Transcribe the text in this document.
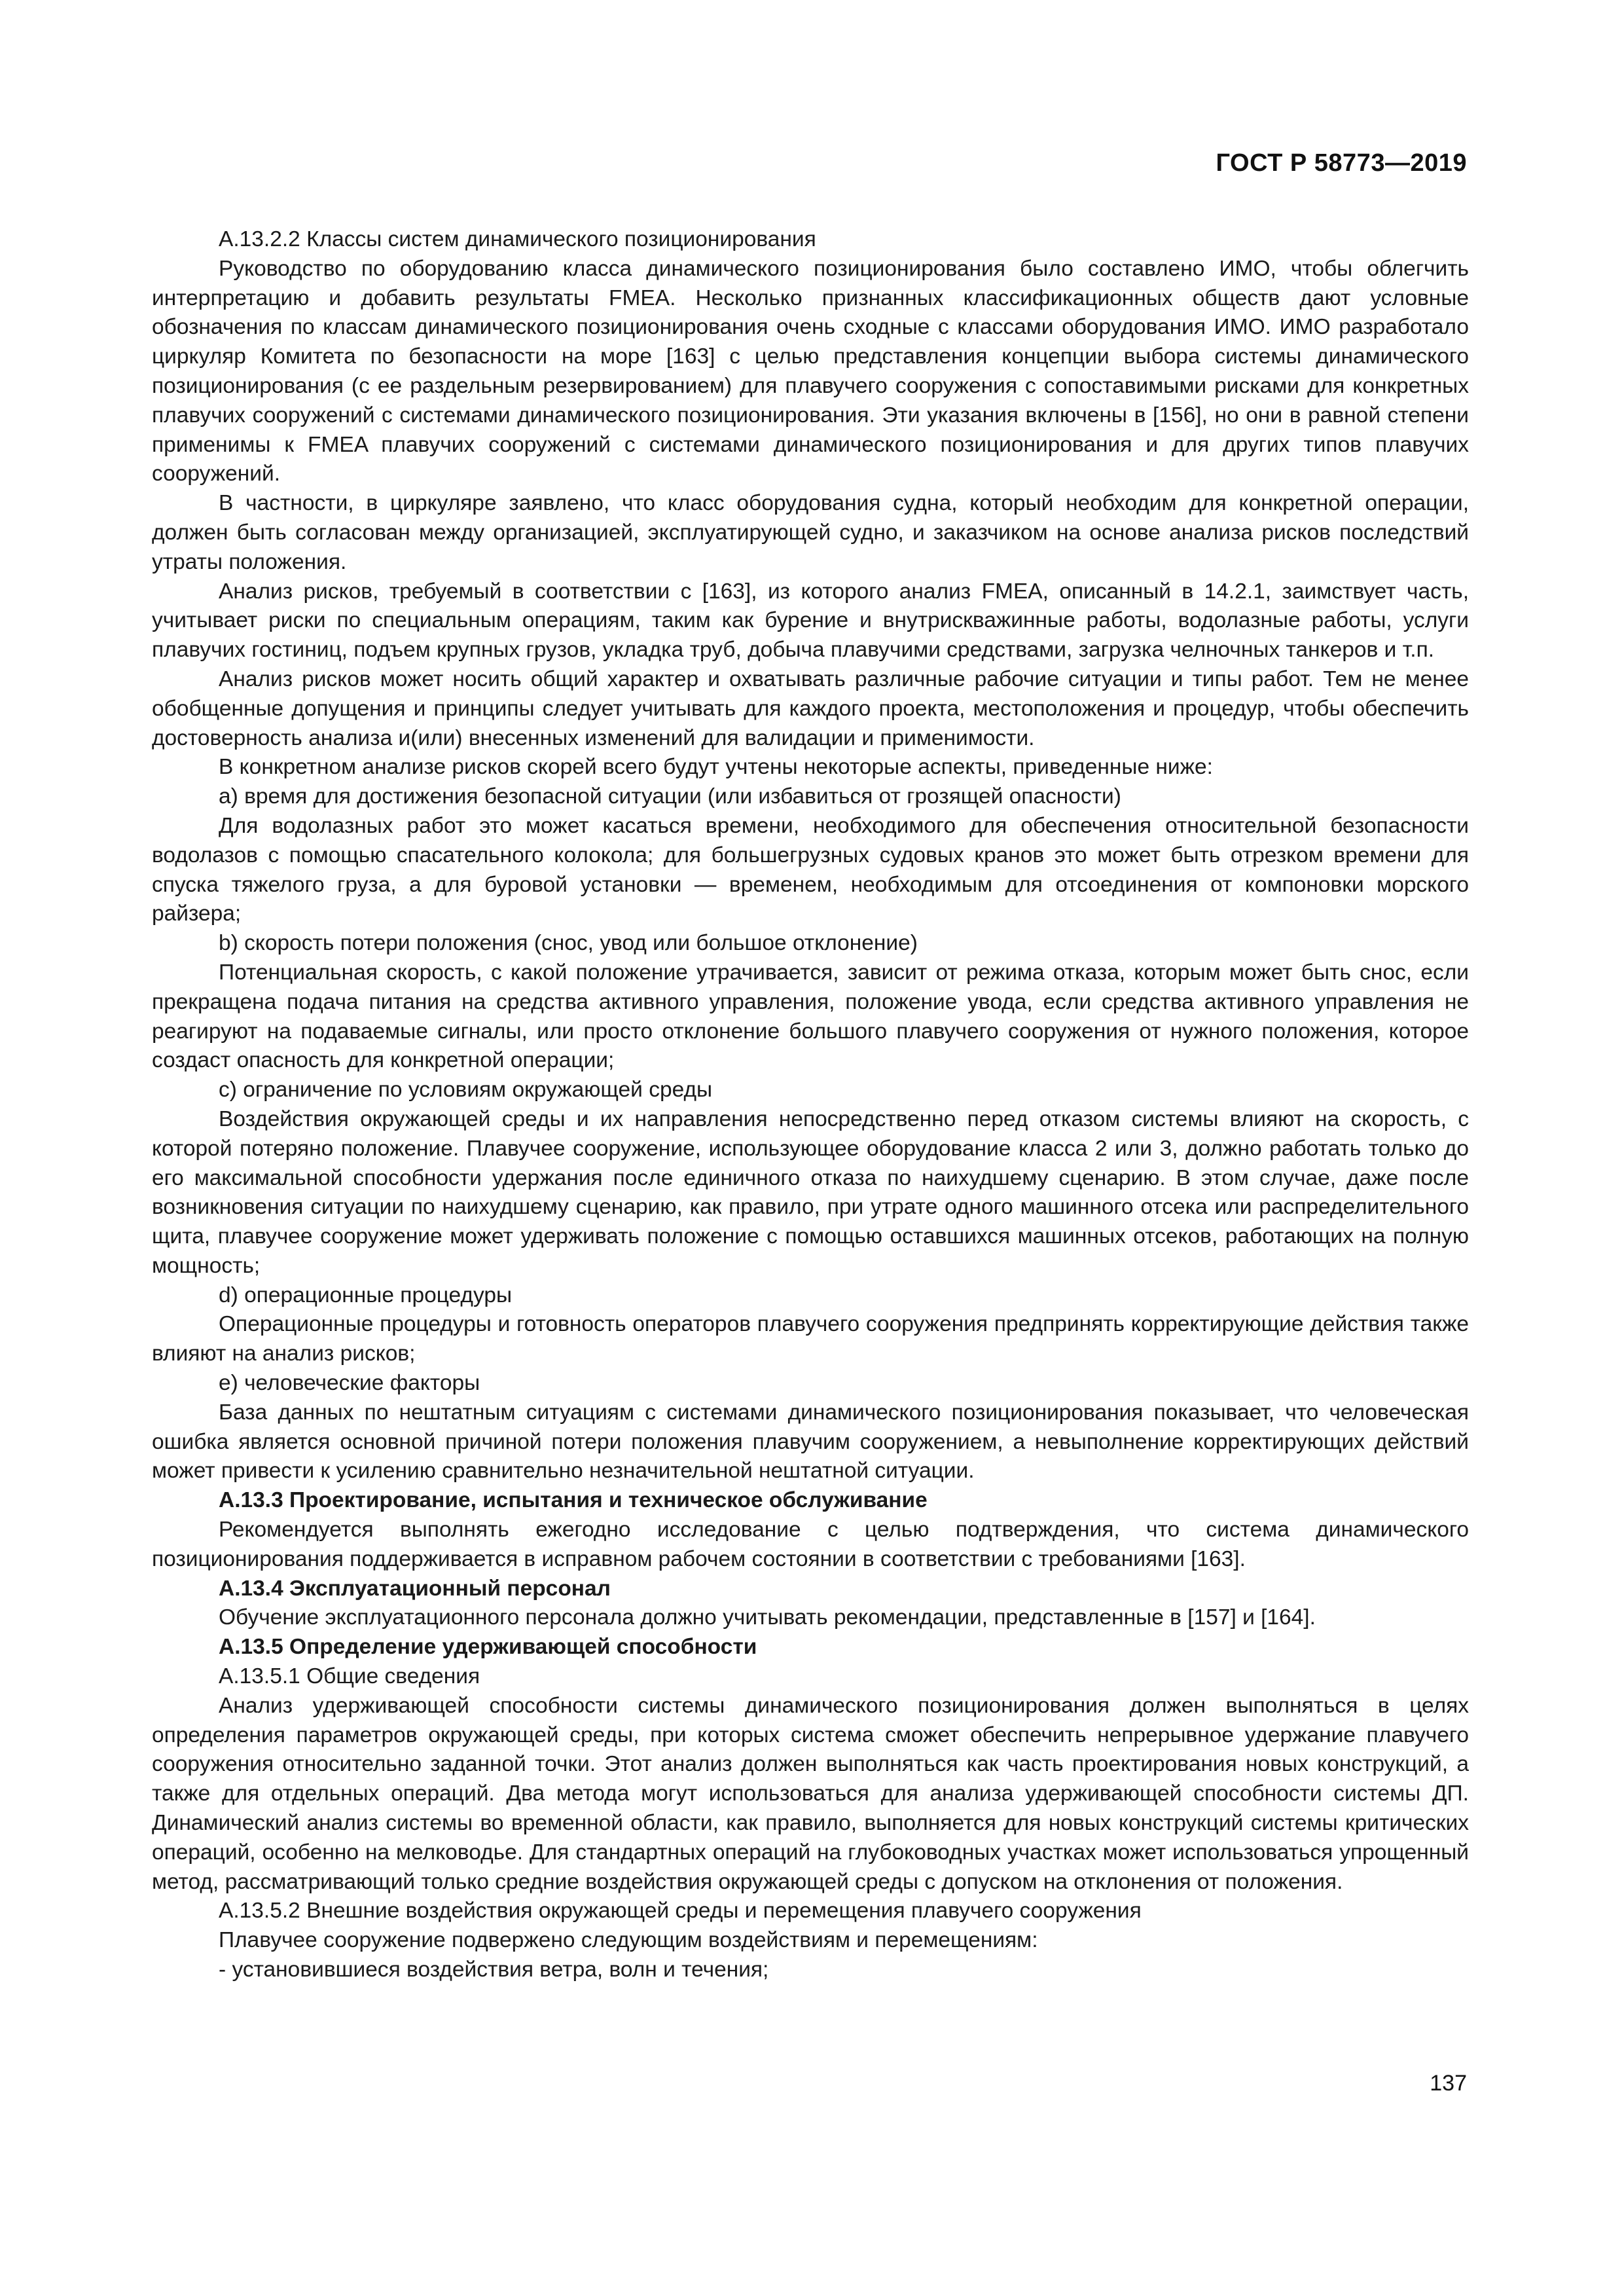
ГОСТ Р 58773—2019

А.13.2.2 Классы систем динамического позиционирования

Руководство по оборудованию класса динамического позиционирования было составлено ИМО, чтобы облегчить интерпретацию и добавить результаты FMEA. Несколько признанных классификационных обществ дают условные обозначения по классам динамического позиционирования очень сходные с классами оборудования ИМО. ИМО разработало циркуляр Комитета по безопасности на море [163] с целью представления концепции выбора системы динамического позиционирования (с ее раздельным резервированием) для плавучего сооружения с сопоставимыми рисками для конкретных плавучих сооружений с системами динамического позиционирования. Эти указания включены в [156], но они в равной степени применимы к FMEA плавучих сооружений с системами динамического позиционирования и для других типов плавучих сооружений.

В частности, в циркуляре заявлено, что класс оборудования судна, который необходим для конкретной операции, должен быть согласован между организацией, эксплуатирующей судно, и заказчиком на основе анализа рисков последствий утраты положения.

Анализ рисков, требуемый в соответствии с [163], из которого анализ FMEA, описанный в 14.2.1, заимствует часть, учитывает риски по специальным операциям, таким как бурение и внутрискважинные работы, водолазные работы, услуги плавучих гостиниц, подъем крупных грузов, укладка труб, добыча плавучими средствами, загрузка челночных танкеров и т.п.

Анализ рисков может носить общий характер и охватывать различные рабочие ситуации и типы работ. Тем не менее обобщенные допущения и принципы следует учитывать для каждого проекта, местоположения и процедур, чтобы обеспечить достоверность анализа и(или) внесенных изменений для валидации и применимости.

В конкретном анализе рисков скорей всего будут учтены некоторые аспекты, приведенные ниже:

а) время для достижения безопасной ситуации (или избавиться от грозящей опасности)

Для водолазных работ это может касаться времени, необходимого для обеспечения относительной безопасности водолазов с помощью спасательного колокола; для большегрузных судовых кранов это может быть отрезком времени для спуска тяжелого груза, а для буровой установки — временем, необходимым для отсоединения от компоновки морского райзера;

b) скорость потери положения (снос, увод или большое отклонение)

Потенциальная скорость, с какой положение утрачивается, зависит от режима отказа, которым может быть снос, если прекращена подача питания на средства активного управления, положение увода, если средства активного управления не реагируют на подаваемые сигналы, или просто отклонение большого плавучего сооружения от нужного положения, которое создаст опасность для конкретной операции;

c) ограничение по условиям окружающей среды

Воздействия окружающей среды и их направления непосредственно перед отказом системы влияют на скорость, с которой потеряно положение. Плавучее сооружение, использующее оборудование класса 2 или 3, должно работать только до его максимальной способности удержания после единичного отказа по наихудшему сценарию. В этом случае, даже после возникновения ситуации по наихудшему сценарию, как правило, при утрате одного машинного отсека или распределительного щита, плавучее сооружение может удерживать положение с помощью оставшихся машинных отсеков, работающих на полную мощность;

d) операционные процедуры

Операционные процедуры и готовность операторов плавучего сооружения предпринять корректирующие действия также влияют на анализ рисков;

е) человеческие факторы

База данных по нештатным ситуациям с системами динамического позиционирования показывает, что человеческая ошибка является основной причиной потери положения плавучим сооружением, а невыполнение корректирующих действий может привести к усилению сравнительно незначительной нештатной ситуации.

А.13.3 Проектирование, испытания и техническое обслуживание

Рекомендуется выполнять ежегодно исследование с целью подтверждения, что система динамического позиционирования поддерживается в исправном рабочем состоянии в соответствии с требованиями [163].

А.13.4 Эксплуатационный персонал

Обучение эксплуатационного персонала должно учитывать рекомендации, представленные в [157] и [164].

А.13.5 Определение удерживающей способности

А.13.5.1 Общие сведения

Анализ удерживающей способности системы динамического позиционирования должен выполняться в целях определения параметров окружающей среды, при которых система сможет обеспечить непрерывное удержание плавучего сооружения относительно заданной точки. Этот анализ должен выполняться как часть проектирования новых конструкций, а также для отдельных операций. Два метода могут использоваться для анализа удерживающей способности системы ДП. Динамический анализ системы во временной области, как правило, выполняется для новых конструкций системы критических операций, особенно на мелководье. Для стандартных операций на глубоководных участках может использоваться упрощенный метод, рассматривающий только средние воздействия окружающей среды с допуском на отклонения от положения.

А.13.5.2 Внешние воздействия окружающей среды и перемещения плавучего сооружения

Плавучее сооружение подвержено следующим воздействиям и перемещениям:

- установившиеся воздействия ветра, волн и течения;

137
